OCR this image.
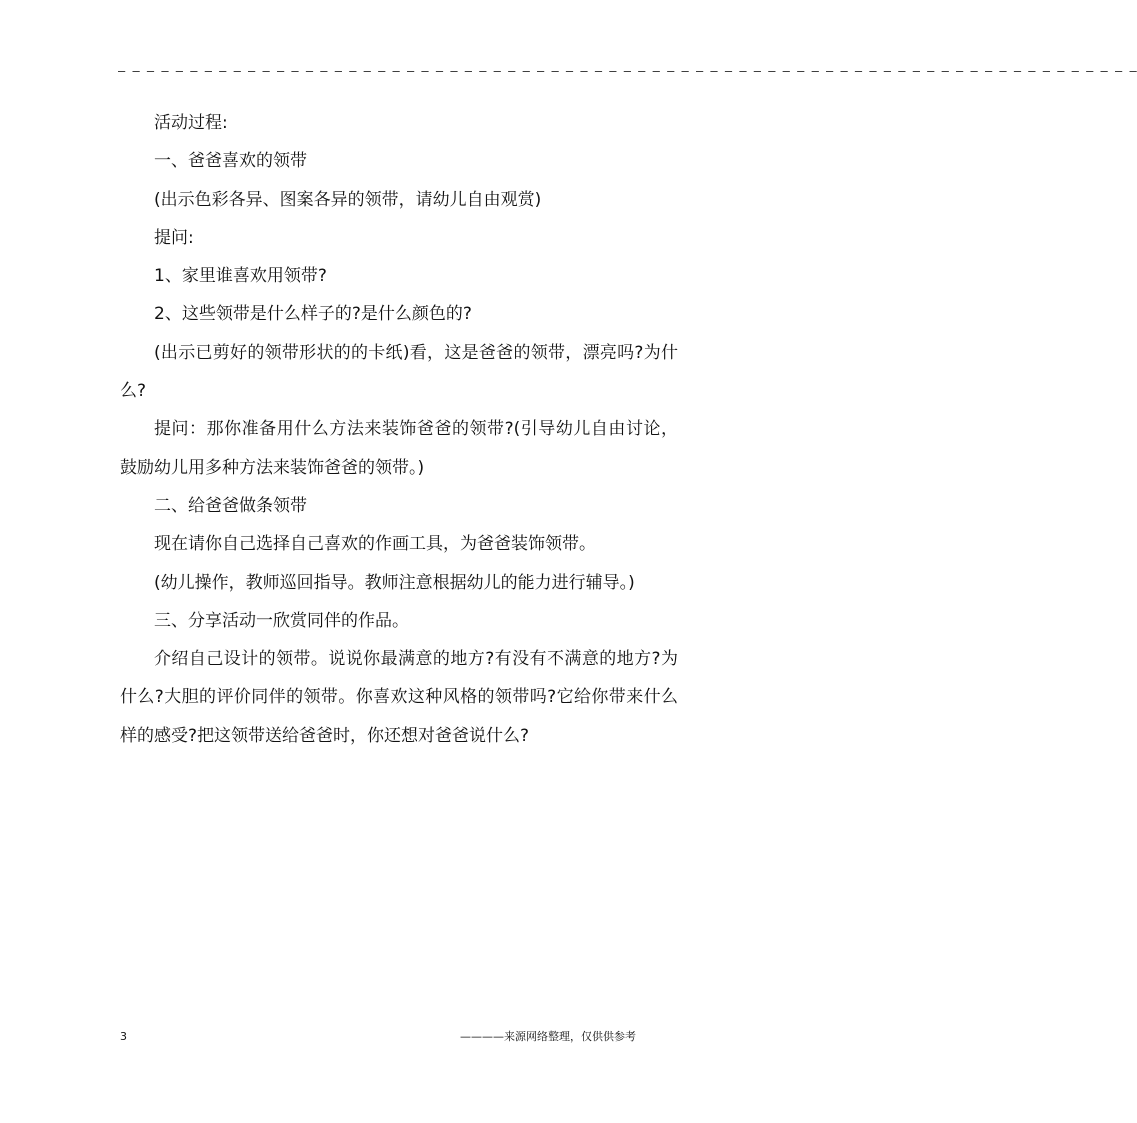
– – – – – – – – – – – – – – – – – – – – – – – – – – – – – – – – – – – – – – – – – – – – – – – – – – – – – – – – – – – – – – – – – – – – – – –

活动过程:

一、爸爸喜欢的领带

(出示色彩各异、图案各异的领带，请幼儿自由观赏)

提问:

1、家里谁喜欢用领带?

2、这些领带是什么样子的?是什么颜色的?

(出示已剪好的领带形状的的卡纸)看，这是爸爸的领带，漂亮吗?为什么?

提问：那你准备用什么方法来装饰爸爸的领带?(引导幼儿自由讨论，鼓励幼儿用多种方法来装饰爸爸的领带。)

二、给爸爸做条领带

现在请你自己选择自己喜欢的作画工具，为爸爸装饰领带。

(幼儿操作，教师巡回指导。教师注意根据幼儿的能力进行辅导。)

三、分享活动一欣赏同伴的作品。

介绍自己设计的领带。说说你最满意的地方?有没有不满意的地方?为什么?大胆的评价同伴的领带。你喜欢这种风格的领带吗?它给你带来什么样的感受?把这领带送给爸爸时，你还想对爸爸说什么?

3	————来源网络整理，仅供供参考
